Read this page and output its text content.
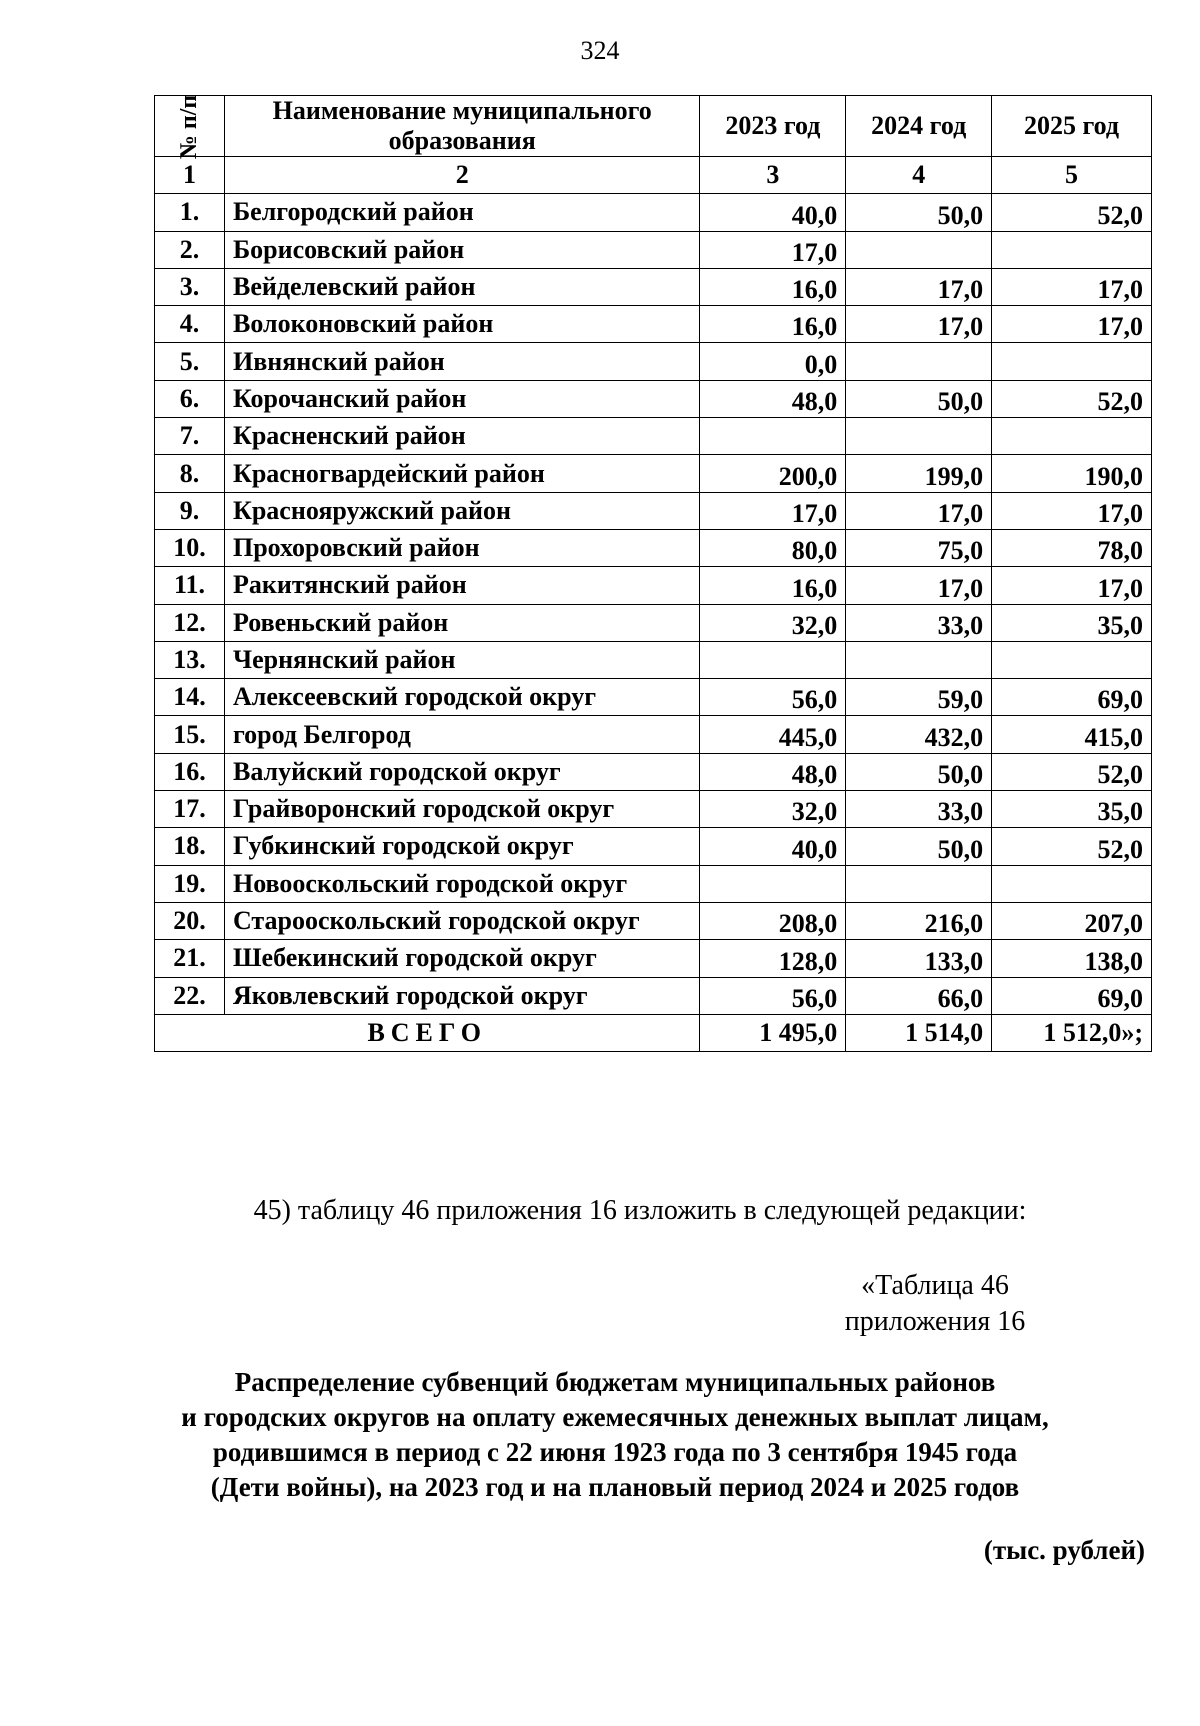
324
№ п/п	Наименование муниципального образования	2023 год	2024 год	2025 год
1	2	3	4	5
1.	Белгородский район	40,0	50,0	52,0
2.	Борисовский район	17,0		
3.	Вейделевский район	16,0	17,0	17,0
4.	Волоконовский район	16,0	17,0	17,0
5.	Ивнянский район	0,0		
6.	Корочанский район	48,0	50,0	52,0
7.	Красненский район			
8.	Красногвардейский район	200,0	199,0	190,0
9.	Краснояружский район	17,0	17,0	17,0
10.	Прохоровский район	80,0	75,0	78,0
11.	Ракитянский район	16,0	17,0	17,0
12.	Ровеньский район	32,0	33,0	35,0
13.	Чернянский район			
14.	Алексеевский городской округ	56,0	59,0	69,0
15.	город Белгород	445,0	432,0	415,0
16.	Валуйский городской округ	48,0	50,0	52,0
17.	Грайворонский городской округ	32,0	33,0	35,0
18.	Губкинский городской округ	40,0	50,0	52,0
19.	Новооскольский городской округ			
20.	Старооскольский городской округ	208,0	216,0	207,0
21.	Шебекинский городской округ	128,0	133,0	138,0
22.	Яковлевский городской округ	56,0	66,0	69,0
ВСЕГО		1 495,0	1 514,0	1 512,0»;
45) таблицу 46 приложения 16 изложить в следующей редакции:
«Таблица 46
приложения 16
Распределение субвенций бюджетам муниципальных районов
и городских округов на оплату ежемесячных денежных выплат лицам,
родившимся в период с 22 июня 1923 года по 3 сентября 1945 года
(Дети войны), на 2023 год и на плановый период 2024 и 2025 годов
(тыс. рублей)
